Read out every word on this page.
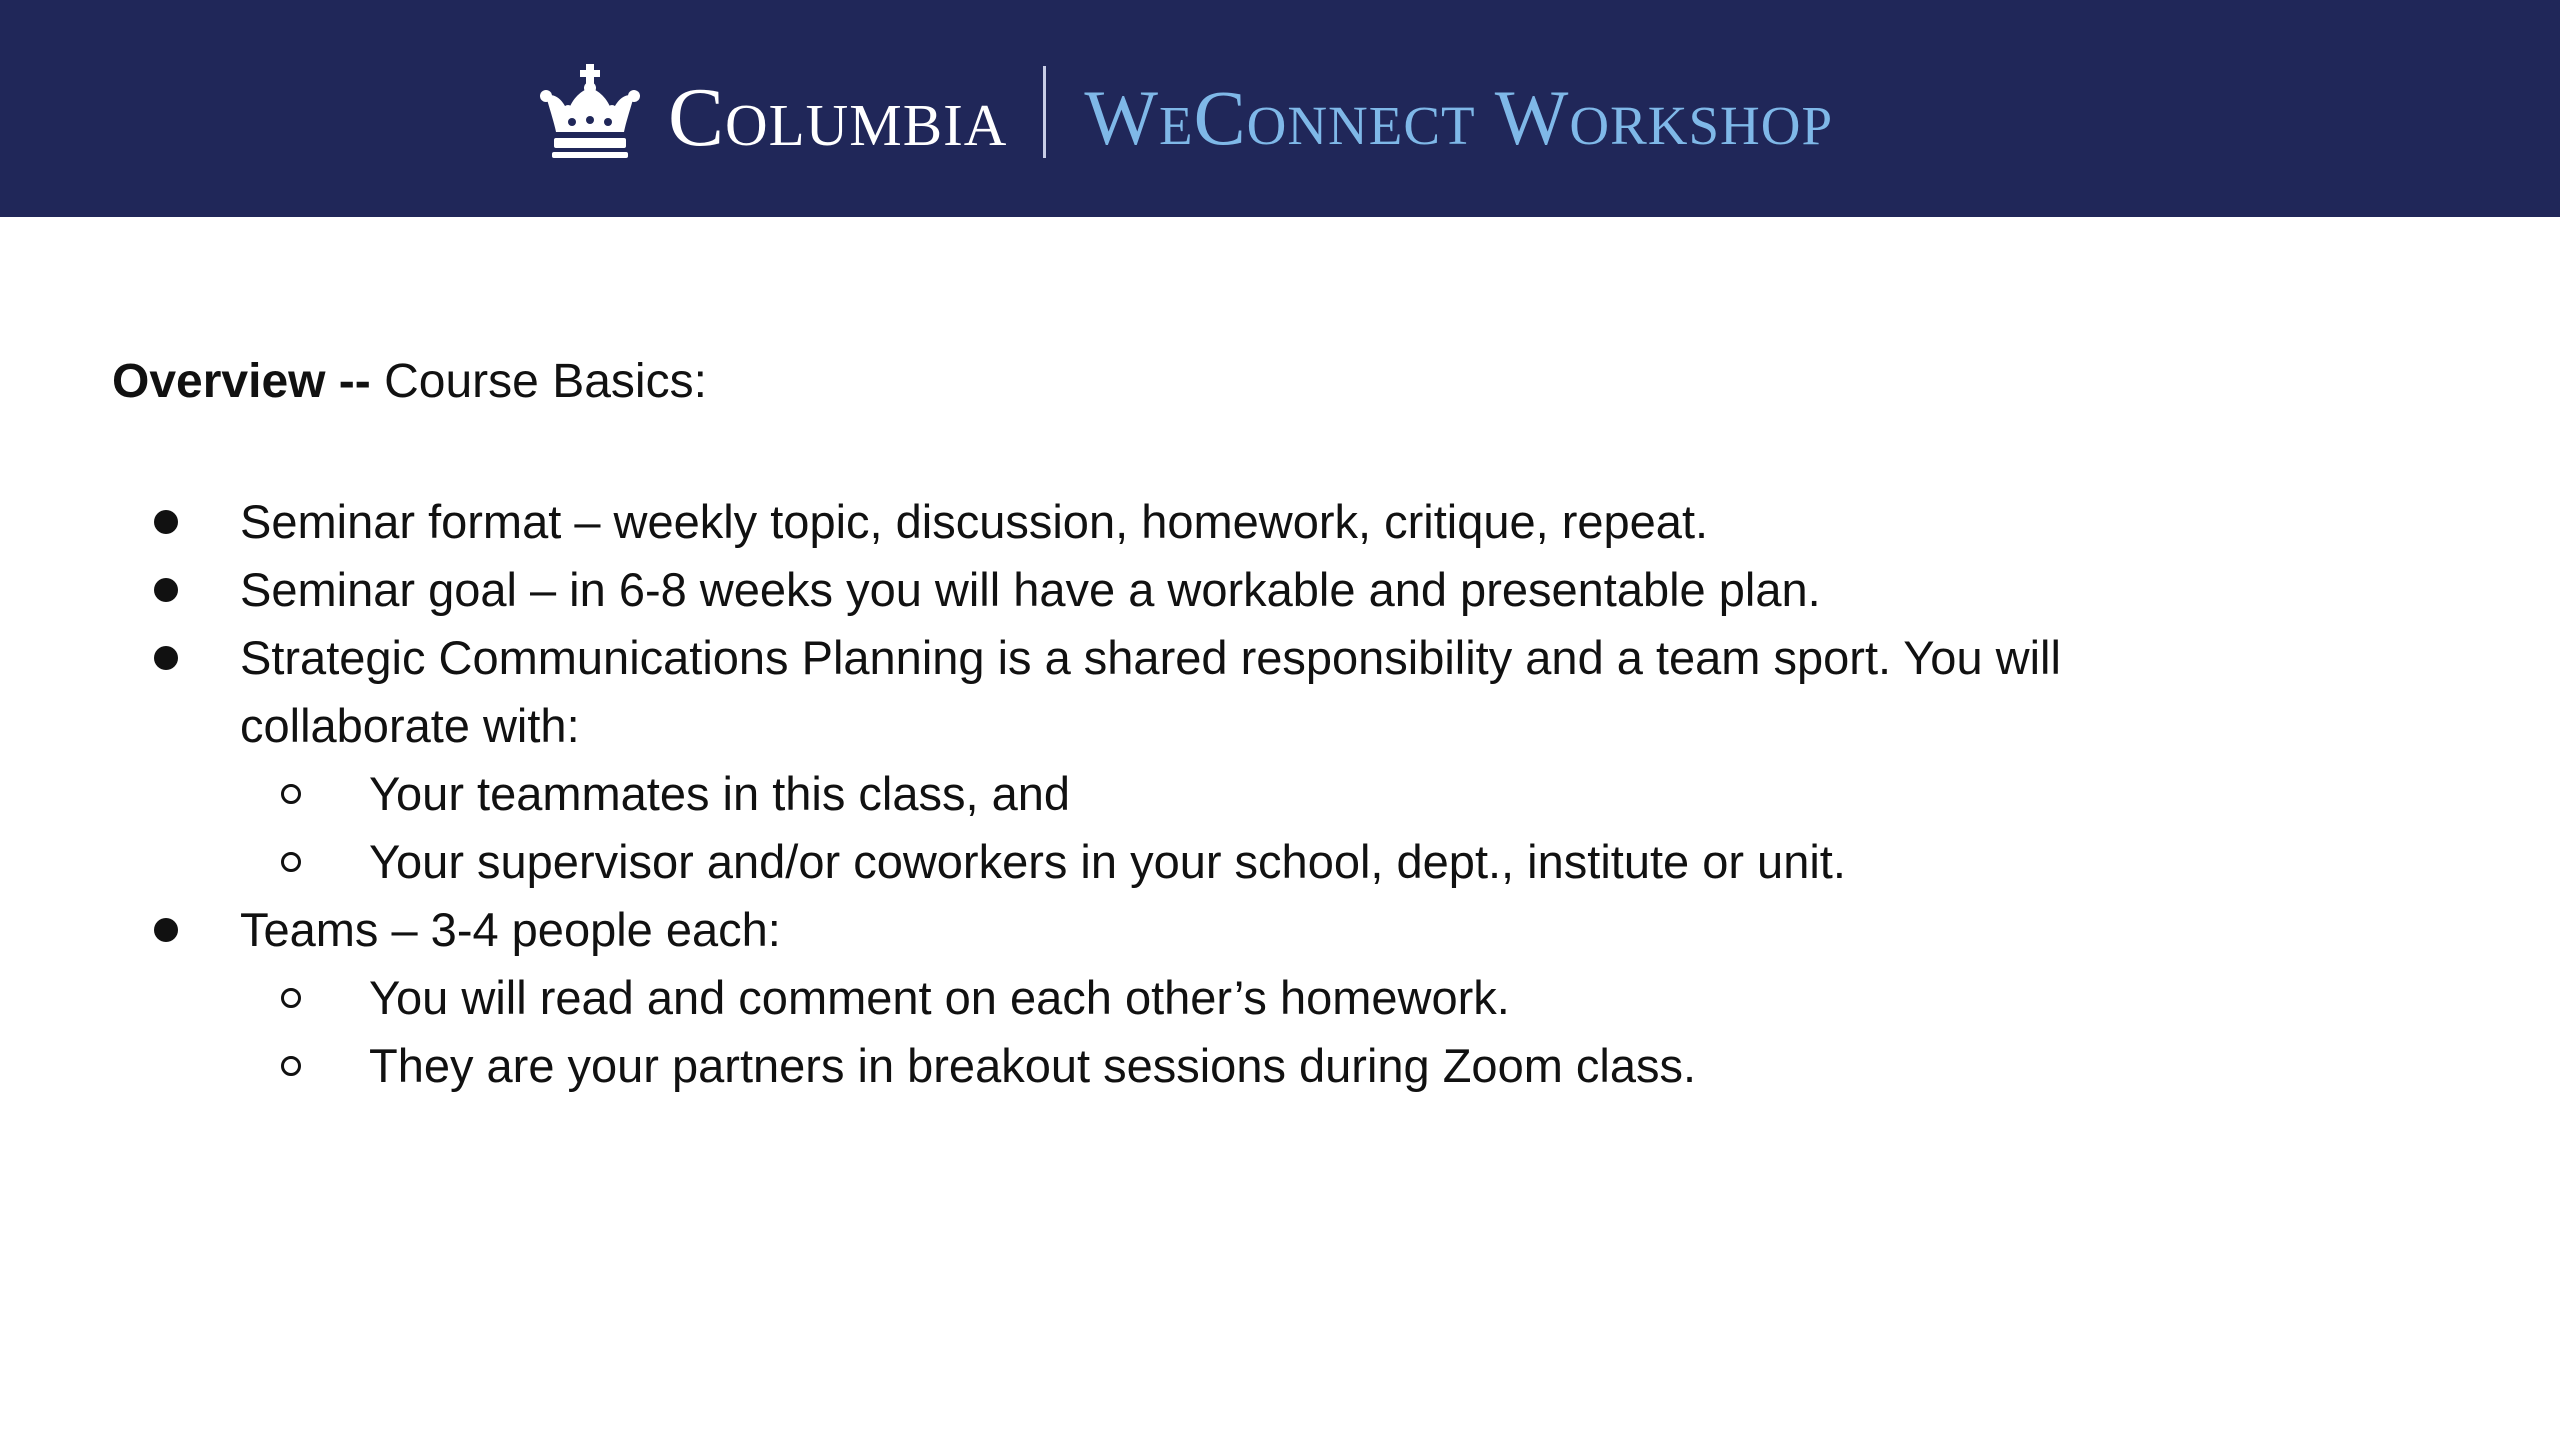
Columbia WeConnect Workshop

Overview -- Course Basics:

Seminar format – weekly topic, discussion, homework, critique, repeat.
Seminar goal – in 6-8 weeks you will have a workable and presentable plan.
Strategic Communications Planning is a shared responsibility and a team sport. You will
collaborate with:
Your teammates in this class, and
Your supervisor and/or coworkers in your school, dept., institute or unit.
Teams – 3-4 people each:
You will read and comment on each other’s homework.
They are your partners in breakout sessions during Zoom class.
